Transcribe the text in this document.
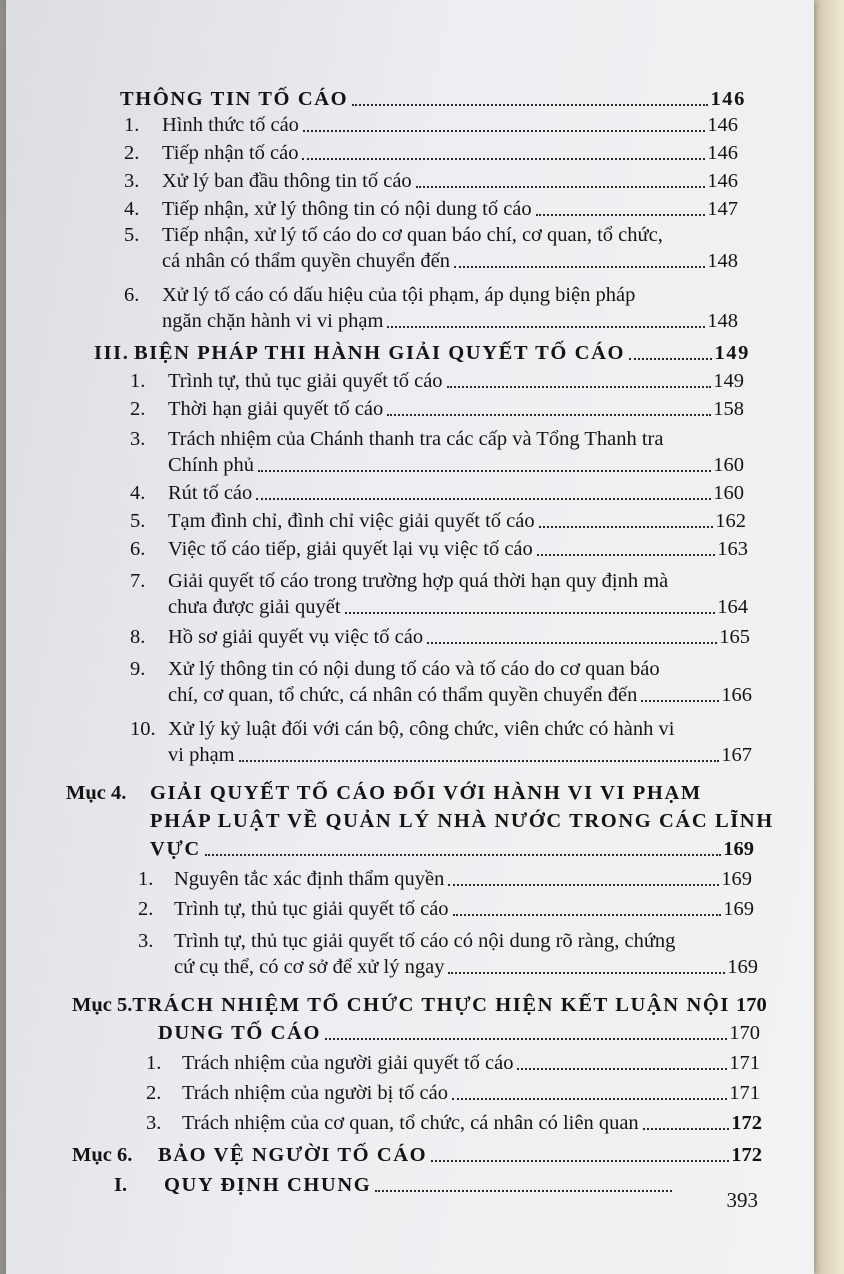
THÔNG TIN TỐ CÁO	146
1.	Hình thức tố cáo	146
2.	Tiếp nhận tố cáo	146
3.	Xử lý ban đầu thông tin tố cáo	146
4.	Tiếp nhận, xử lý thông tin có nội dung tố cáo	147
5. Tiếp nhận, xử lý tố cáo do cơ quan báo chí, cơ quan, tổ chức,
cá nhân có thẩm quyền chuyển đến	148
6. Xử lý tố cáo có dấu hiệu của tội phạm, áp dụng biện pháp
ngăn chặn hành vi vi phạm	148
III. BIỆN PHÁP THI HÀNH GIẢI QUYẾT TỐ CÁO	149
1.	Trình tự, thủ tục giải quyết tố cáo	149
2.	Thời hạn giải quyết tố cáo	158
3. Trách nhiệm của Chánh thanh tra các cấp và Tổng Thanh tra
Chính phủ	160
4.	Rút tố cáo	160
5.	Tạm đình chỉ, đình chỉ việc giải quyết tố cáo	162
6.	Việc tố cáo tiếp, giải quyết lại vụ việc tố cáo	163
7. Giải quyết tố cáo trong trường hợp quá thời hạn quy định mà
chưa được giải quyết	164
8.	Hồ sơ giải quyết vụ việc tố cáo	165
9. Xử lý thông tin có nội dung tố cáo và tố cáo do cơ quan báo
chí, cơ quan, tổ chức, cá nhân có thẩm quyền chuyển đến	166
10. Xử lý kỷ luật đối với cán bộ, công chức, viên chức có hành vi
vi phạm	167
Mục 4. GIẢI QUYẾT TỐ CÁO ĐỐI VỚI HÀNH VI VI PHẠM
PHÁP LUẬT VỀ QUẢN LÝ NHÀ NƯỚC TRONG CÁC LĨNH
VỰC	169
1.	Nguyên tắc xác định thẩm quyền	169
2.	Trình tự, thủ tục giải quyết tố cáo	169
3. Trình tự, thủ tục giải quyết tố cáo có nội dung rõ ràng, chứng
cứ cụ thể, có cơ sở để xử lý ngay	169
Mục 5. TRÁCH NHIỆM TỔ CHỨC THỰC HIỆN KẾT LUẬN NỘI 170
DUNG TỐ CÁO	170
1.	Trách nhiệm của người giải quyết tố cáo	171
2.	Trách nhiệm của người bị tố cáo	171
3.	Trách nhiệm của cơ quan, tổ chức, cá nhân có liên quan	172
Mục 6.	BẢO VỆ NGƯỜI TỐ CÁO	172
I.	QUY ĐỊNH CHUNG
393
